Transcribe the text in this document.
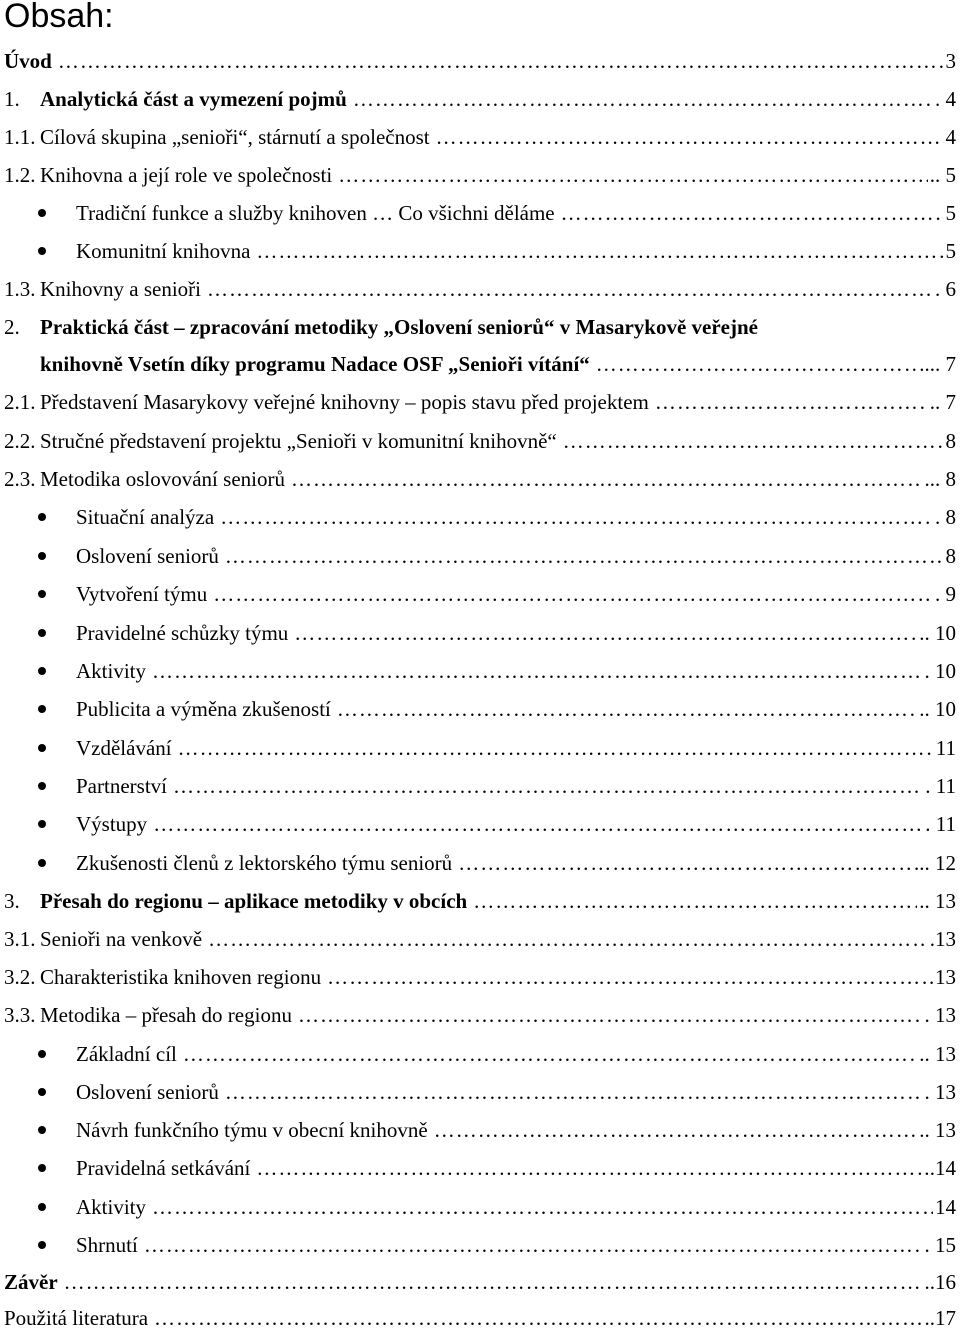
Obsah:
Úvod ………………………………………………………………………………………………………………………………………………………………………………………………………………	3
1. Analytická část a vymezení pojmů ………………………………………………………………………………………………………………………………………………………………………………………………………………	. 4
1.1. Cílová skupina „senioři“, stárnutí a společnost ………………………………………………………………………………………………………………………………………………………………………………………………………………	4
1.2. Knihovna a její role ve společnosti ………………………………………………………………………………………………………………………………………………………………………………………………………………	.. 5
Tradiční funkce a služby knihoven … Co všichni děláme ………………………………………………………………………………………………………………………………………………………………………………………………………………	5
Komunitní knihovna ………………………………………………………………………………………………………………………………………………………………………………………………………………	5
1.3. Knihovny a senioři ………………………………………………………………………………………………………………………………………………………………………………………………………………	. 6
2. Praktická část – zpracování metodiky „Oslovení seniorů“ v Masarykově veřejné
knihovně Vsetín díky programu Nadace OSF „Senioři vítání“ ………………………………………………………………………………………………………………………………………………………………………………………………………………	.... 7
2.1. Představení Masarykovy veřejné knihovny – popis stavu před projektem ………………………………………………………………………………………………………………………………………………………………………………………………………………	.. 7
2.2. Stručné představení projektu „Senioři v komunitní knihovně“ ………………………………………………………………………………………………………………………………………………………………………………………………………………	8
2.3. Metodika oslovování seniorů ………………………………………………………………………………………………………………………………………………………………………………………………………………	... 8
Situační analýza ………………………………………………………………………………………………………………………………………………………………………………………………………………	. 8
Oslovení seniorů ………………………………………………………………………………………………………………………………………………………………………………………………………………	8
Vytvoření týmu ………………………………………………………………………………………………………………………………………………………………………………………………………………	. 9
Pravidelné schůzky týmu ………………………………………………………………………………………………………………………………………………………………………………………………………………	.. 10
Aktivity ………………………………………………………………………………………………………………………………………………………………………………………………………………	. 10
Publicita a výměna zkušeností ………………………………………………………………………………………………………………………………………………………………………………………………………………	.. 10
Vzdělávání ………………………………………………………………………………………………………………………………………………………………………………………………………………	11
Partnerství ………………………………………………………………………………………………………………………………………………………………………………………………………………	. 11
Výstupy ………………………………………………………………………………………………………………………………………………………………………………………………………………	. 11
Zkušenosti členů z lektorského týmu seniorů ………………………………………………………………………………………………………………………………………………………………………………………………………………	... 12
3. Přesah do regionu – aplikace metodiky v obcích ………………………………………………………………………………………………………………………………………………………………………………………………………………	.. 13
3.1. Senioři na venkově ………………………………………………………………………………………………………………………………………………………………………………………………………………	.13
3.2. Charakteristika knihoven regionu ………………………………………………………………………………………………………………………………………………………………………………………………………………	13
3.3. Metodika – přesah do regionu ………………………………………………………………………………………………………………………………………………………………………………………………………………	. 13
Základní cíl ………………………………………………………………………………………………………………………………………………………………………………………………………………	.. 13
Oslovení seniorů ………………………………………………………………………………………………………………………………………………………………………………………………………………	. 13
Návrh funkčního týmu v obecní knihovně ………………………………………………………………………………………………………………………………………………………………………………………………………………	.. 13
Pravidelná setkávání ………………………………………………………………………………………………………………………………………………………………………………………………………………	.14
Aktivity ………………………………………………………………………………………………………………………………………………………………………………………………………………	14
Shrnutí ………………………………………………………………………………………………………………………………………………………………………………………………………………	. 15
Závěr ………………………………………………………………………………………………………………………………………………………………………………………………………………	..16
Použitá literatura ………………………………………………………………………………………………………………………………………………………………………………………………………………	..17
